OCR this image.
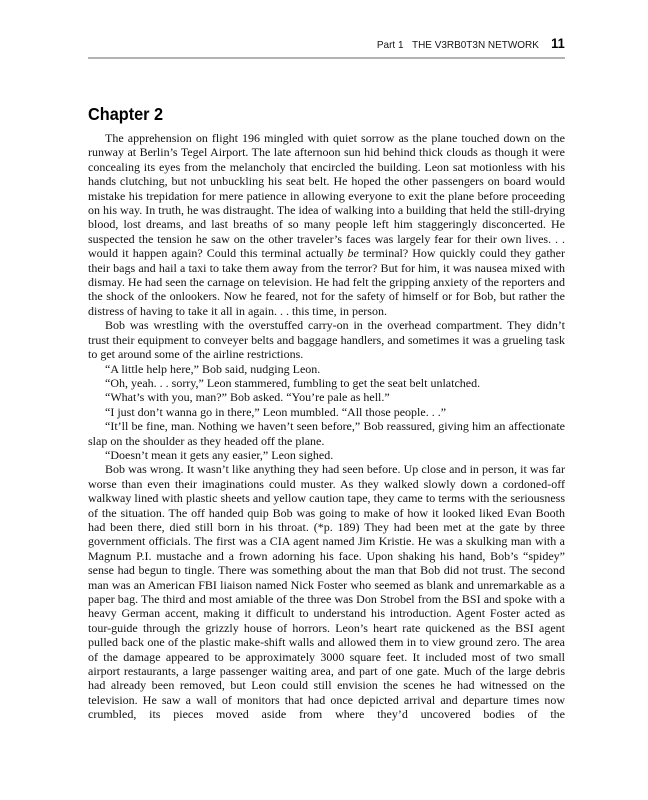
Part 1 THE V3RB0T3N NETWORK 11
Chapter 2

The apprehension on flight 196 mingled with quiet sorrow as the plane touched down on the runway at Berlin’s Tegel Airport. The late afternoon sun hid behind thick clouds as though it were concealing its eyes from the melancholy that encircled the building. Leon sat motionless with his hands clutching, but not unbuckling his seat belt. He hoped the other passengers on board would mistake his trepidation for mere patience in allowing everyone to exit the plane before proceeding on his way. In truth, he was distraught. The idea of walking into a building that held the still-drying blood, lost dreams, and last breaths of so many people left him staggeringly disconcerted. He suspected the tension he saw on the other traveler’s faces was largely fear for their own lives. . . would it happen again? Could this terminal actually be terminal? How quickly could they gather their bags and hail a taxi to take them away from the terror? But for him, it was nausea mixed with dismay. He had seen the carnage on television. He had felt the gripping anxiety of the reporters and the shock of the onlookers. Now he feared, not for the safety of himself or for Bob, but rather the distress of having to take it all in again. . . this time, in person.

Bob was wrestling with the overstuffed carry-on in the overhead compartment. They didn’t trust their equipment to conveyer belts and baggage handlers, and sometimes it was a grueling task to get around some of the airline restrictions.

“A little help here,” Bob said, nudging Leon.

“Oh, yeah. . . sorry,” Leon stammered, fumbling to get the seat belt unlatched.

“What’s with you, man?” Bob asked. “You’re pale as hell.”

“I just don’t wanna go in there,” Leon mumbled. “All those people. . .”

“It’ll be fine, man. Nothing we haven’t seen before,” Bob reassured, giving him an affectionate slap on the shoulder as they headed off the plane.

“Doesn’t mean it gets any easier,” Leon sighed.

Bob was wrong. It wasn’t like anything they had seen before. Up close and in person, it was far worse than even their imaginations could muster. As they walked slowly down a cordoned-off walkway lined with plastic sheets and yellow caution tape, they came to terms with the seriousness of the situation. The off handed quip Bob was going to make of how it looked liked Evan Booth had been there, died still born in his throat. (*p. 189) They had been met at the gate by three government officials. The first was a CIA agent named Jim Kristie. He was a skulking man with a Magnum P.I. mustache and a frown adorning his face. Upon shaking his hand, Bob’s “spidey” sense had begun to tingle. There was something about the man that Bob did not trust. The second man was an American FBI liaison named Nick Foster who seemed as blank and unremarkable as a paper bag. The third and most amiable of the three was Don Strobel from the BSI and spoke with a heavy German accent, making it difficult to understand his introduction. Agent Foster acted as tour-guide through the grizzly house of horrors. Leon’s heart rate quickened as the BSI agent pulled back one of the plastic make-shift walls and allowed them in to view ground zero. The area of the damage appeared to be approximately 3000 square feet. It included most of two small airport restaurants, a large passenger waiting area, and part of one gate. Much of the large debris had already been removed, but Leon could still envision the scenes he had witnessed on the television. He saw a wall of monitors that had once depicted arrival and departure times now crumbled, its pieces moved aside from where they’d uncovered bodies of the
